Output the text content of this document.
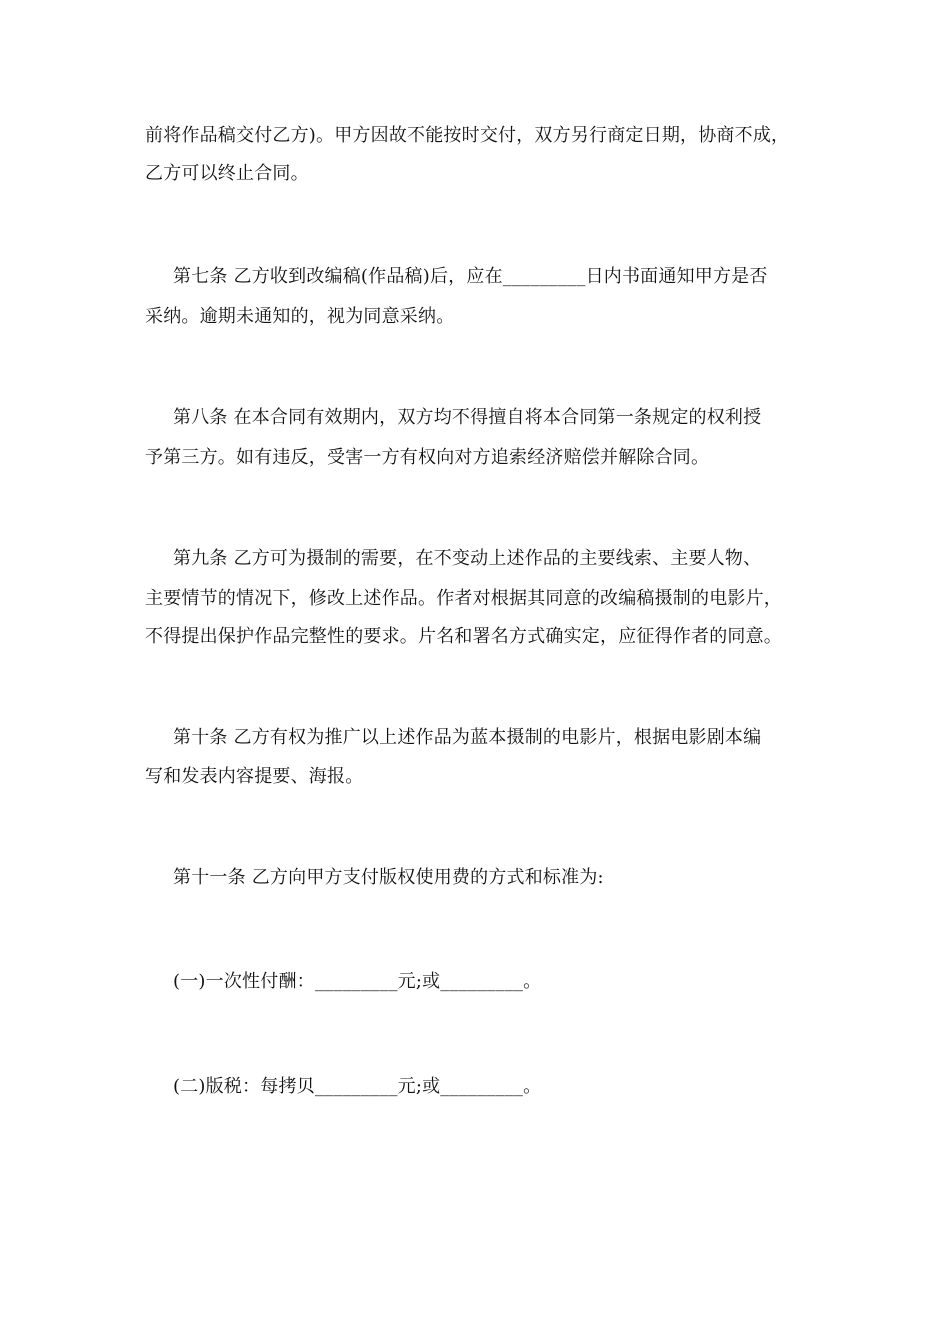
前将作品稿交付乙方)。甲方因故不能按时交付，双方另行商定日期，协商不成，
乙方可以终止合同。
第七条 乙方收到改编稿(作品稿)后，应在_________日内书面通知甲方是否
采纳。逾期未通知的，视为同意采纳。
第八条 在本合同有效期内，双方均不得擅自将本合同第一条规定的权利授
予第三方。如有违反，受害一方有权向对方追索经济赔偿并解除合同。
第九条 乙方可为摄制的需要，在不变动上述作品的主要线索、主要人物、
主要情节的情况下，修改上述作品。作者对根据其同意的改编稿摄制的电影片，
不得提出保护作品完整性的要求。片名和署名方式确实定，应征得作者的同意。
第十条 乙方有权为推广以上述作品为蓝本摄制的电影片，根据电影剧本编
写和发表内容提要、海报。
第十一条 乙方向甲方支付版权使用费的方式和标准为:
(一)一次性付酬：_________元;或_________。
(二)版税：每拷贝_________元;或_________。
